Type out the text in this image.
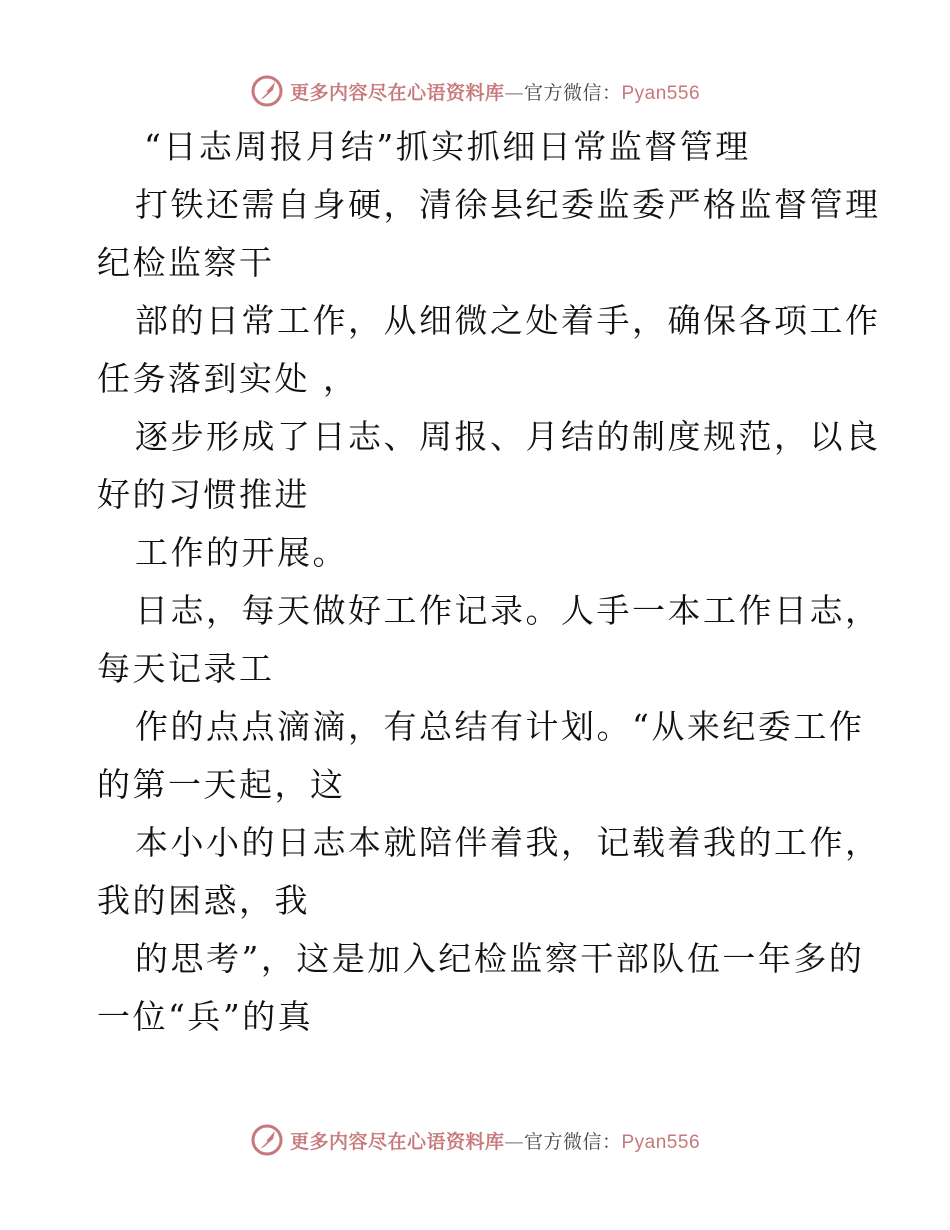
更多内容尽在心语资料库—官方微信：Pyan556
“日志周报月结”抓实抓细日常监督管理
打铁还需自身硬，清徐县纪委监委严格监督管理
纪检监察干
部的日常工作，从细微之处着手，确保各项工作
任务落到实处 ，
逐步形成了日志、周报、月结的制度规范，以良
好的习惯推进
工作的开展。
日志，每天做好工作记录。人手一本工作日志，
每天记录工
作的点点滴滴，有总结有计划。“从来纪委工作
的第一天起，这
本小小的日志本就陪伴着我，记载着我的工作，
我的困惑，我
的思考”，这是加入纪检监察干部队伍一年多的
一位“兵”的真
更多内容尽在心语资料库—官方微信：Pyan556
